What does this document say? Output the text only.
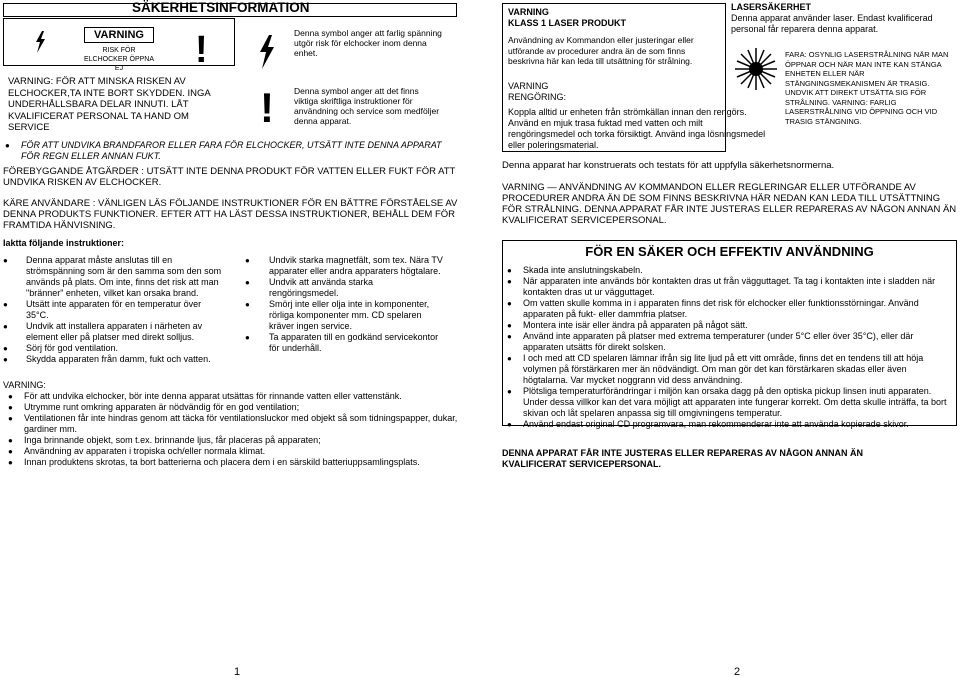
SÄKERHETSINFORMATION
VARNING
RISK FÖR ELCHOCKER ÖPPNA EJ	!
VARNING: FÖR ATT MINSKA RISKEN AV ELCHOCKER,TA INTE BORT SKYDDEN. INGA UNDERHÅLLSBARA DELAR INNUTI. LÅT KVALIFICERAT PERSONAL TA HAND OM SERVICE
Denna symbol anger att farlig spänning utgör risk för elchocker inom denna enhet.
! Denna symbol anger att det finns viktiga skriftliga instruktioner för användning och service som medföljer denna apparat.
● FÖR ATT UNDVIKA BRANDFAROR ELLER FARA FÖR ELCHOCKER, UTSÄTT INTE DENNA APPARAT FÖR REGN ELLER ANNAN FUKT.
FÖREBYGGANDE ÅTGÄRDER : UTSÄTT INTE DENNA PRODUKT FÖR VATTEN ELLER FUKT FÖR ATT UNDVIKA RISKEN AV ELCHOCKER.
KÄRE ANVÄNDARE : VÄNLIGEN LÄS FÖLJANDE INSTRUKTIONER FÖR EN BÄTTRE FÖRSTÅELSE AV DENNA PRODUKTS FUNKTIONER. EFTER ATT HA LÄST DESSA INSTRUKTIONER, BEHÅLL DEM FÖR FRAMTIDA HÄNVISNING.
Iaktta följande instruktioner:
● Denna apparat måste anslutas till en strömspänning som är den samma som den som används på plats. Om inte, finns det risk att man "bränner" enheten, vilket kan orsaka brand.
● Utsätt inte apparaten för en temperatur över 35°C.
● Undvik att installera apparaten i närheten av element eller på platser med direkt solljus.
● Sörj för god ventilation.
● Skydda apparaten från damm, fukt och vatten.
● Undvik starka magnetfält, som tex. Nära TV apparater eller andra apparaters högtalare.
● Undvik att använda starka rengöringsmedel.
● Smörj inte eller olja inte in komponenter, rörliga komponenter mm. CD spelaren kräver ingen service.
● Ta apparaten till en godkänd servicekontor för underhåll.
VARNING:
● För att undvika elchocker, bör inte denna apparat utsättas för rinnande vatten eller vattenstänk.
● Utrymme runt omkring apparaten är nödvändig för en god ventilation;
● Ventilationen får inte hindras genom att täcka för ventilationsluckor med objekt så som tidningspapper, dukar, gardiner mm.
● Inga brinnande objekt, som t.ex. brinnande ljus, får placeras på apparaten;
● Användning av apparaten i tropiska och/eller normala klimat.
● Innan produktens skrotas, ta bort batterierna och placera dem i en särskild batteriuppsamlingsplats.
1
VARNING
KLASS 1 LASER PRODUKT
Användning av Kommandon eller justeringar eller utförande av procedurer andra än de som finns beskrivna här kan leda till utsättning för strålning.
VARNING
RENGÖRING:
Koppla alltid ur enheten från strömkällan innan den rengörs. Använd en mjuk trasa fuktad med vatten och milt rengöringsmedel och torka försiktigt. Använd inga lösningsmedel eller poleringsmaterial.
LASERSÄKERHET
Denna apparat använder laser. Endast kvalificerad personal får reparera denna apparat.
FARA: OSYNLIG LASERSTRÅLNING NÄR MAN ÖPPNAR OCH NÄR MAN INTE KAN STÄNGA ENHETEN ELLER NÄR STÄNGNINGSMEKANISMEN ÄR TRASIG. UNDVIK ATT DIREKT UTSÄTTA SIG FÖR STRÅLNING. VARNING: FARLIG LASERSTRÅLNING VID ÖPPNING OCH VID TRASIG STÄNGNING.
Denna apparat har konstruerats och testats för att uppfylla säkerhetsnormerna.
VARNING — ANVÄNDNING AV KOMMANDON ELLER REGLERINGAR ELLER UTFÖRANDE AV PROCEDURER ANDRA ÄN DE SOM FINNS BESKRIVNA HÄR NEDAN KAN LEDA TILL UTSÄTTNING FÖR STRÅLNING. DENNA APPARAT FÅR INTE JUSTERAS ELLER REPARERAS AV NÅGON ANNAN ÄN KVALIFICERAT SERVICEPERSONAL.
FÖR EN SÄKER OCH EFFEKTIV ANVÄNDNING
● Skada inte anslutningskabeln.
● När apparaten inte används bör kontakten dras ut från vägguttaget. Ta tag i kontakten inte i sladden när kontakten dras ut ur vägguttaget.
● Om vatten skulle komma in i apparaten finns det risk för elchocker eller funktionsstörningar. Använd apparaten på fukt- eller dammfria platser.
● Montera inte isär eller ändra på apparaten på något sätt.
● Använd inte apparaten på platser med extrema temperaturer (under 5°C eller över 35°C), eller där apparaten utsätts för direkt solsken.
● I och med att CD spelaren lämnar ifrån sig lite ljud på ett vitt område, finns det en tendens till att höja volymen på förstärkaren mer än nödvändigt. Om man gör det kan förstärkaren skadas eller även högtalarna. Var mycket noggrann vid dess användning.
● Plötsliga temperaturförändringar i miljön kan orsaka dagg på den optiska pickup linsen inuti apparaten. Under dessa villkor kan det vara möjligt att apparaten inte fungerar korrekt. Om detta skulle inträffa, ta bort skivan och låt spelaren anpassa sig till omgivningens temperatur.
● Använd endast original CD programvara, man rekommenderar inte att använda kopierade skivor.
DENNA APPARAT FÅR INTE JUSTERAS ELLER REPARERAS AV NÅGON ANNAN ÄN KVALIFICERAT SERVICEPERSONAL.
2
